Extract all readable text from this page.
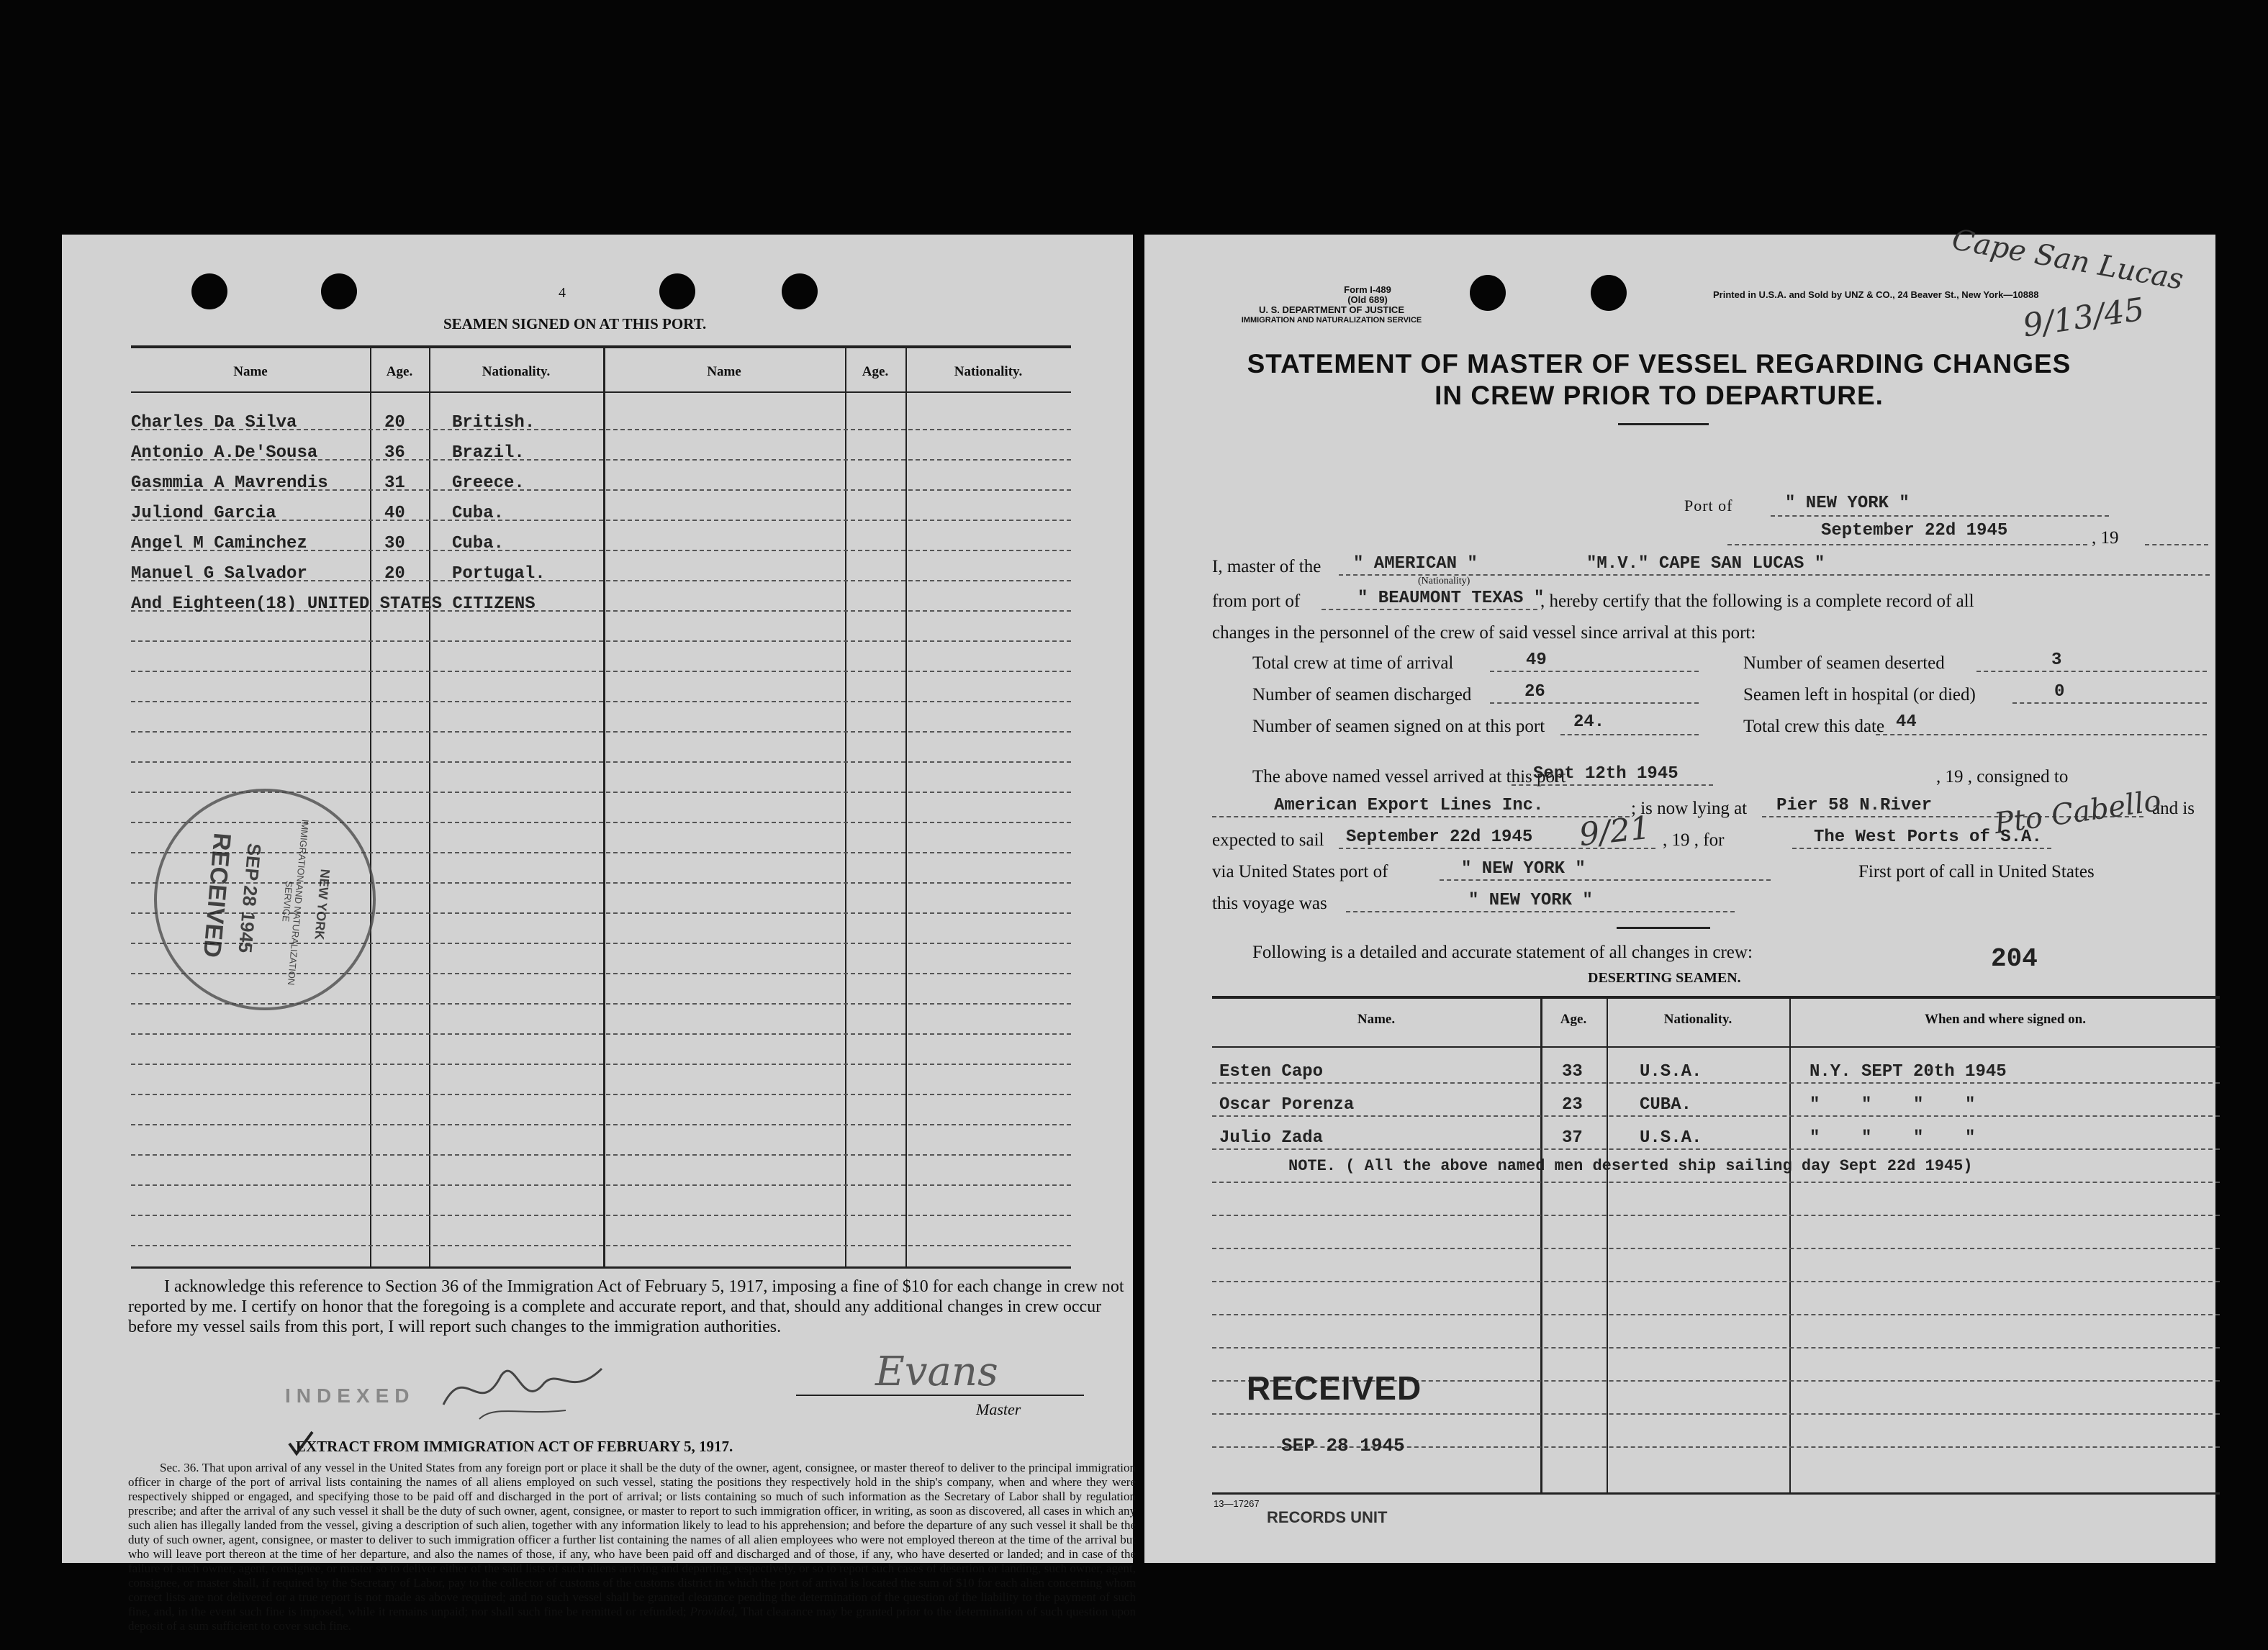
4
SEAMEN SIGNED ON AT THIS PORT.
Name	Age.	Nationality.	Name	Age.	Nationality.
Charles Da Silva	20	British.
Antonio A.De'Sousa	36	Brazil.
Gasmmia A Mavrendis	31	Greece.
Juliond Garcia	40	Cuba.
Angel M Caminchez	30	Cuba.
Manuel G Salvador	20	Portugal.
And Eighteen(18) UNITED STATES CITIZENS
RECEIVED
SEP 28 1945	IMMIGRATION AND NATURALIZATION SERVICE	NEW YORK
I acknowledge this reference to Section 36 of the Immigration Act of February 5, 1917, imposing a fine of $10 for each change in crew not reported by me. I certify on honor that the foregoing is a complete and accurate report, and that, should any additional changes in crew occur before my vessel sails from this port, I will report such changes to the immigration authorities.
INDEXED
Evans
Master
EXTRACT FROM IMMIGRATION ACT OF FEBRUARY 5, 1917.
Sec. 36. That upon arrival of any vessel in the United States from any foreign port or place it shall be the duty of the owner, agent, consignee, or master thereof to deliver to the principal immigration officer in charge of the port of arrival lists containing the names of all aliens employed on such vessel, stating the positions they respectively hold in the ship's company, when and where they were respectively shipped or engaged, and specifying those to be paid off and discharged in the port of arrival; or lists containing so much of such information as the Secretary of Labor shall by regulation prescribe; and after the arrival of any such vessel it shall be the duty of such owner, agent, consignee, or master to report to such immigration officer, in writing, as soon as discovered, all cases in which any such alien has illegally landed from the vessel, giving a description of such alien, together with any information likely to lead to his apprehension; and before the departure of any such vessel it shall be the duty of such owner, agent, consignee, or master to deliver to such immigration officer a further list containing the names of all alien employees who were not employed thereon at the time of the arrival but who will leave port thereon at the time of her departure, and also the names of those, if any, who have been paid off and discharged and of those, if any, who have deserted or landed; and in case of the failure of such owner, agent, consignee, or master so to deliver either of the said lists of such aliens arriving and departing, respectively, or so to report such cases of desertion or landing, such owner, agent, consignee, or master shall, if required by the Secretary of Labor, pay to the collector of customs of the customs district in which the port of arrival is located the sum of $10 for each alien concerning whom correct lists are not delivered or a true report is not made as above required; and no such vessel shall be granted clearance pending the determination of the question of the liability to the payment of such fine, and, in the event such fine is imposed, while it remains unpaid; nor shall such fine be remitted or refunded; Provided, That clearance may be granted prior to the determination of such question upon deposit of a sum sufficient to cover such fine.
Form I-489
(Old 689)
U. S. DEPARTMENT OF JUSTICE
IMMIGRATION AND NATURALIZATION SERVICE
Printed in U.S.A. and Sold by UNZ & CO., 24 Beaver St., New York—10888
Cape San Lucas
9/13/45
STATEMENT OF MASTER OF VESSEL REGARDING CHANGES
IN CREW PRIOR TO DEPARTURE.
Port of	" NEW YORK "
September 22d 1945	, 19
I, master of the " AMERICAN "
(Nationality)
"M.V." CAPE SAN LUCAS "
from port of	" BEAUMONT TEXAS "
, hereby certify that the following is a complete record of all
changes in the personnel of the crew of said vessel since arrival at this port:
Total crew at time of arrival	49	Number of seamen deserted	3
Number of seamen discharged	26	Seamen left in hospital (or died)	0
Number of seamen signed on at this port 24.	Total crew this date 44
The above named vessel arrived at this port
Sept 12th 1945	, 19 , consigned to
American Export Lines Inc.	; is now lying at Pier 58 N.River	and is
Pto Cabello
expected to sail September 22d 1945 9/21 , 19 , for	The West Ports of S.A.
via United States port of	" NEW YORK "	First port of call in United States
this voyage was	" NEW YORK "
Following is a detailed and accurate statement of all changes in crew:	204
DESERTING SEAMEN.
Name.	Age.	Nationality.	When and where signed on.
Esten Capo	33	U.S.A.	N.Y. SEPT 20th 1945
Oscar Porenza	23	CUBA.	"    "    "    "
Julio Zada	37	U.S.A.	"    "    "    "
NOTE. ( All the above named men deserted ship sailing day Sept 22d 1945)
RECEIVED
SEP 28 1945
13—17267
RECORDS UNIT
